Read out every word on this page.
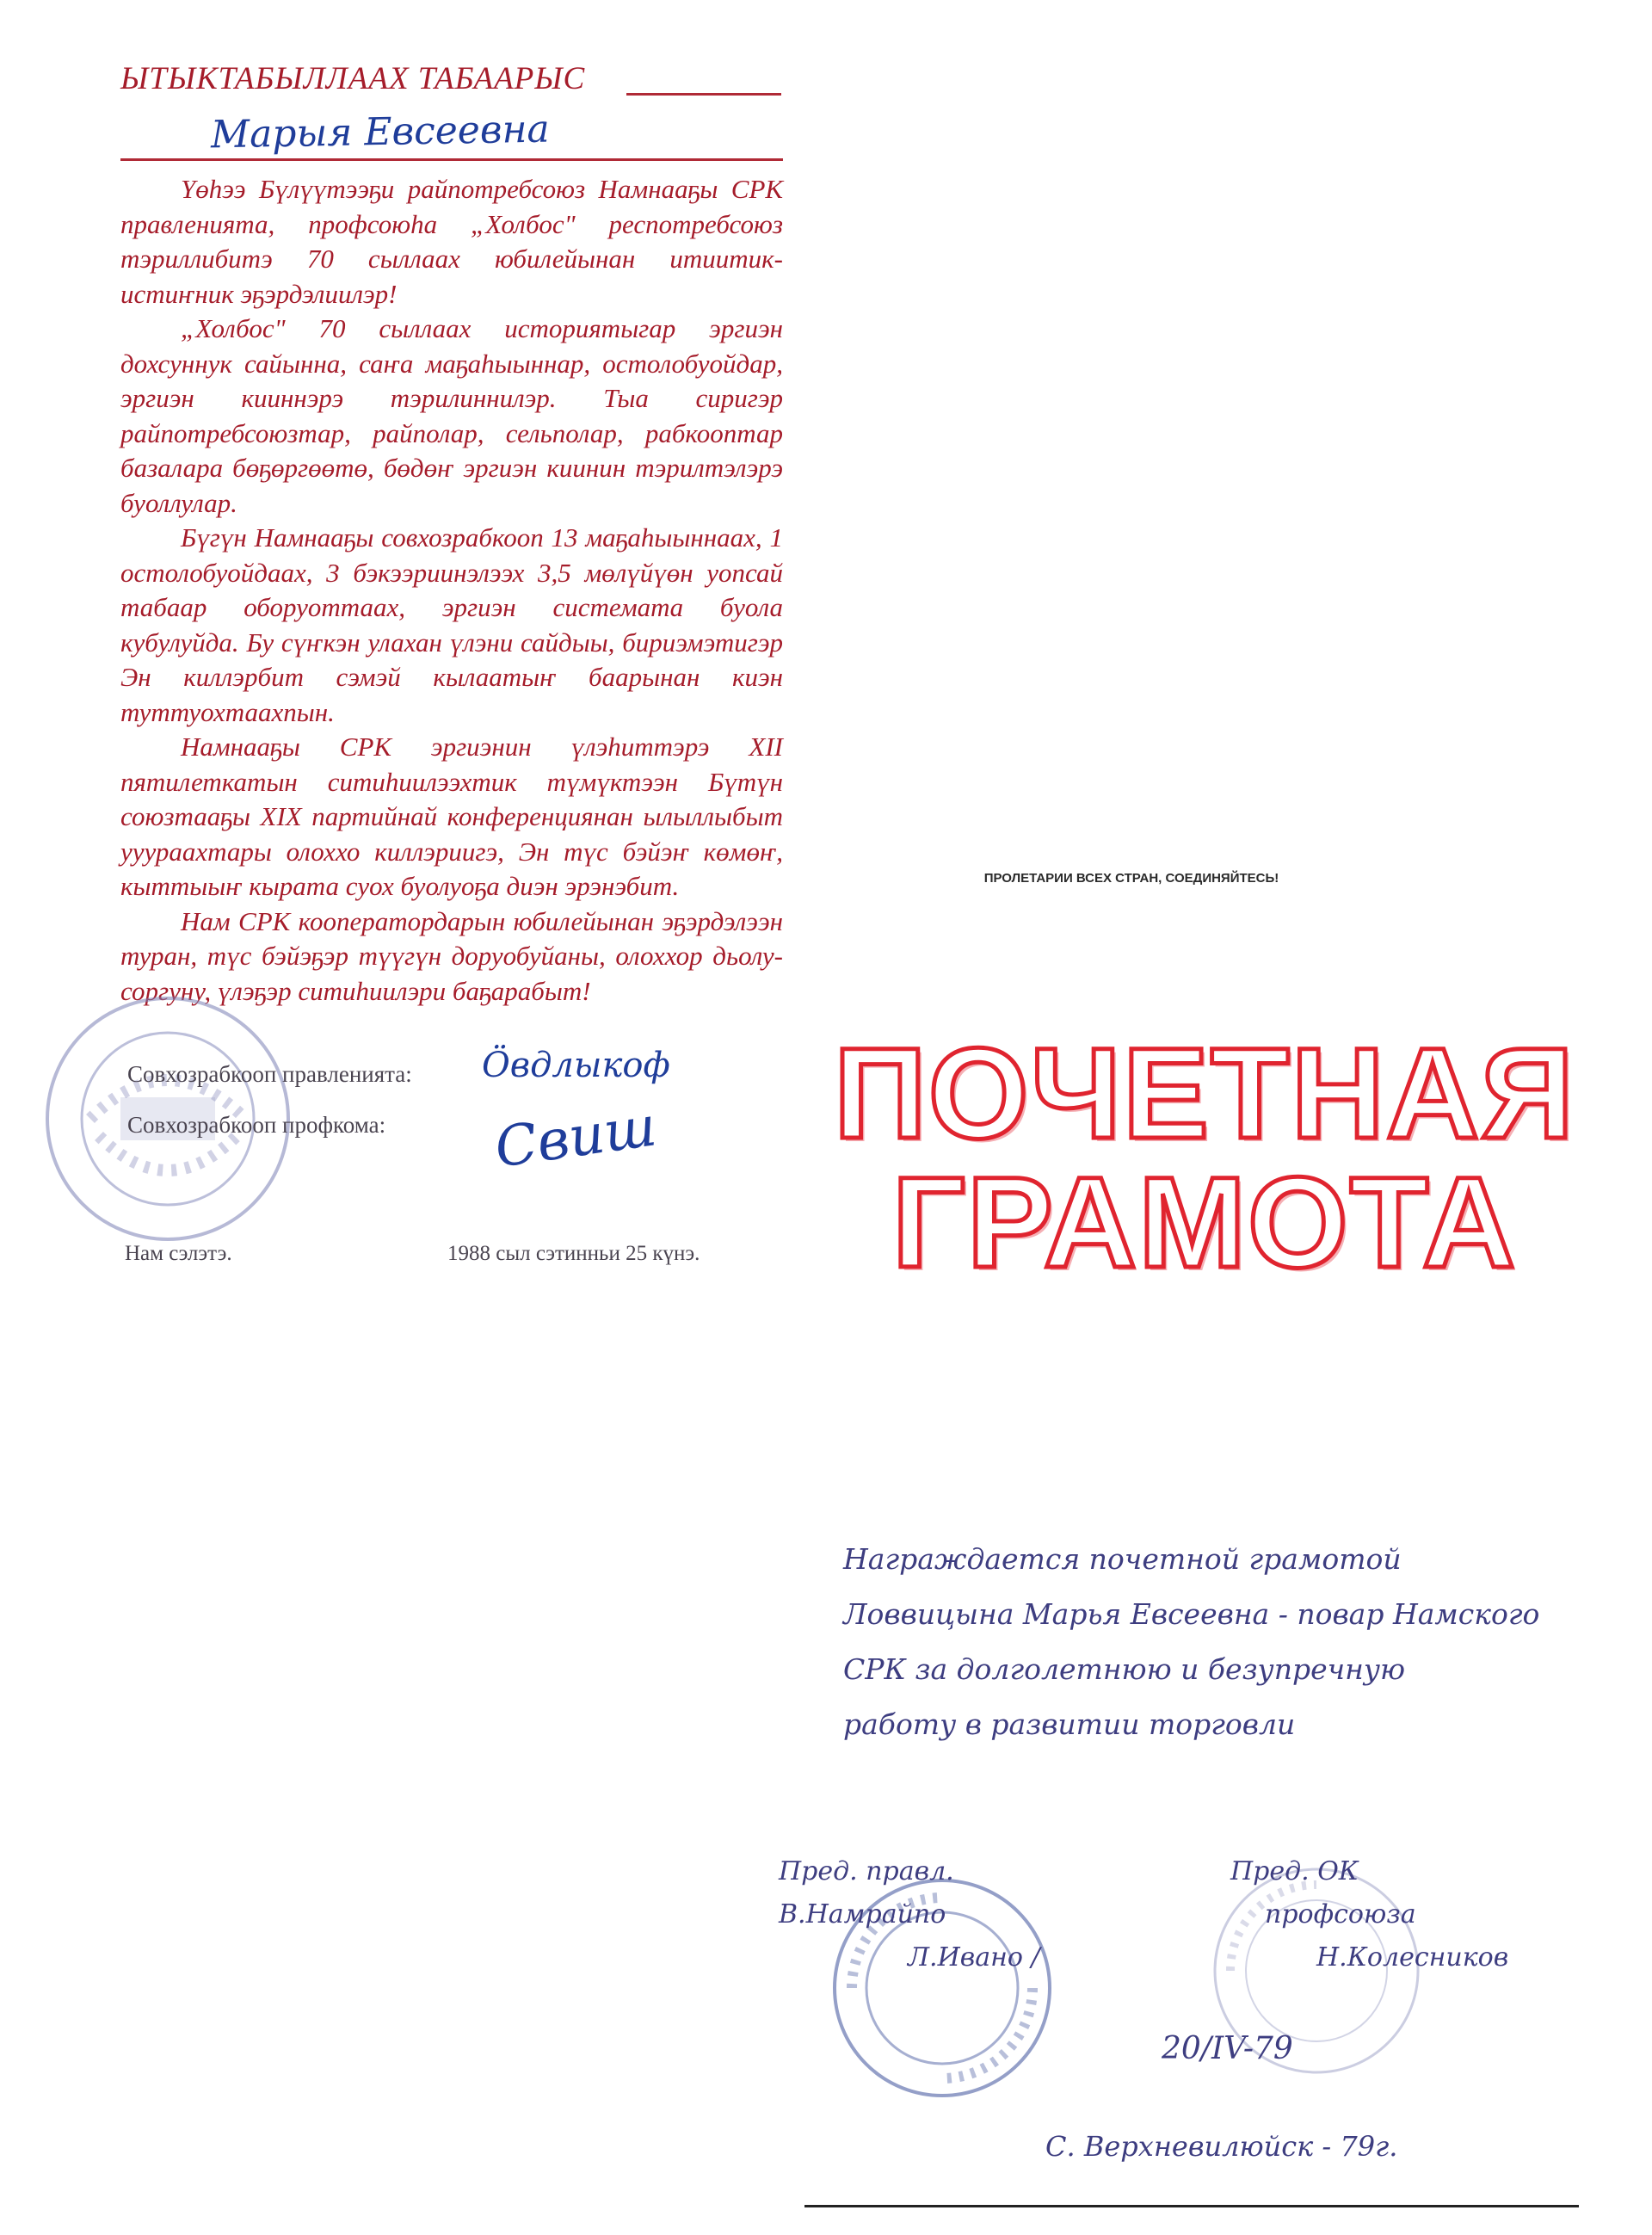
ЫТЫКТАБЫЛЛААХ ТАБААРЫС
Марыя Евсеевна

Үөһээ Бүлүүтээҕи райпотребсоюз Намнааҕы СРК правленията, профсоюһа „Холбос" респотребсоюз тэриллибитэ 70 сыллаах юбилейынан итиитик-истиҥник эҕэрдэлиилэр!

„Холбос" 70 сыллаах историятыгар эргиэн дохсуннук сайынна, саҥа маҕаһыыннар, остолобуойдар, эргиэн кииннэрэ тэрилиннилэр. Тыа сиригэр райпотребсоюзтар, райполар, сельполар, рабкооптар базалара бөҕөргөөтө, бөдөҥ эргиэн киинин тэрилтэлэрэ буоллулар.

Бүгүн Намнааҕы совхозрабкооп 13 маҕаһыыннаах, 1 остолобуойдаах, 3 бэкээриинэлээх 3,5 мөлүйүөн уопсай табаар оборуоттаах, эргиэн систематa буола кубулуйда. Бу сүҥкэн улахан үлэни сайдыы, бириэмэтигэр Эн киллэрбит сэмэй кылаатыҥ баарынан киэн туттуохтаахпын.

Намнааҕы СРК эргиэнин үлэһиттэрэ XII пятилеткатын ситиһиилээхтик түмүктээн Бүтүн союзтааҕы XIX партийнай конференциянан ылыллыбыт ууураахтары олоххо киллэриигэ, Эн түс бэйэҥ көмөҥ, кыттыыҥ кырата суох буолуоҕа диэн эрэнэбит.

Нам СРК кооператордарын юбилейынан эҕэрдэлээн туран, түс бэйэҕэр түүгүн доруобуйаны, олоххор дьолу-соргуну, үлэҕэр ситиһиилэри баҕарабыт!

Совхозрабкооп правленията:
Совхозрабкооп профкома:
Ӧвдлыкоф
Свиш
Нам сэлэтэ.	1988 сыл сэтинньи 25 күнэ.
ПРОЛЕТАРИИ ВСЕХ СТРАН, СОЕДИНЯЙТЕСЬ!
ПОЧЕТНАЯ
ГРАМОТА
Награждается почетной грамотой
Ловвицына Марья Евсеевна - повар Намского
СРК за долголетнюю и безупречную
работу в развитии торговли
Пред. правл.
В.Намрайпо
Л.Ивано /
Пред. ОК
профсоюза
Н.Колесников
20/IV-79
С. Верхневилюйск - 79г.
